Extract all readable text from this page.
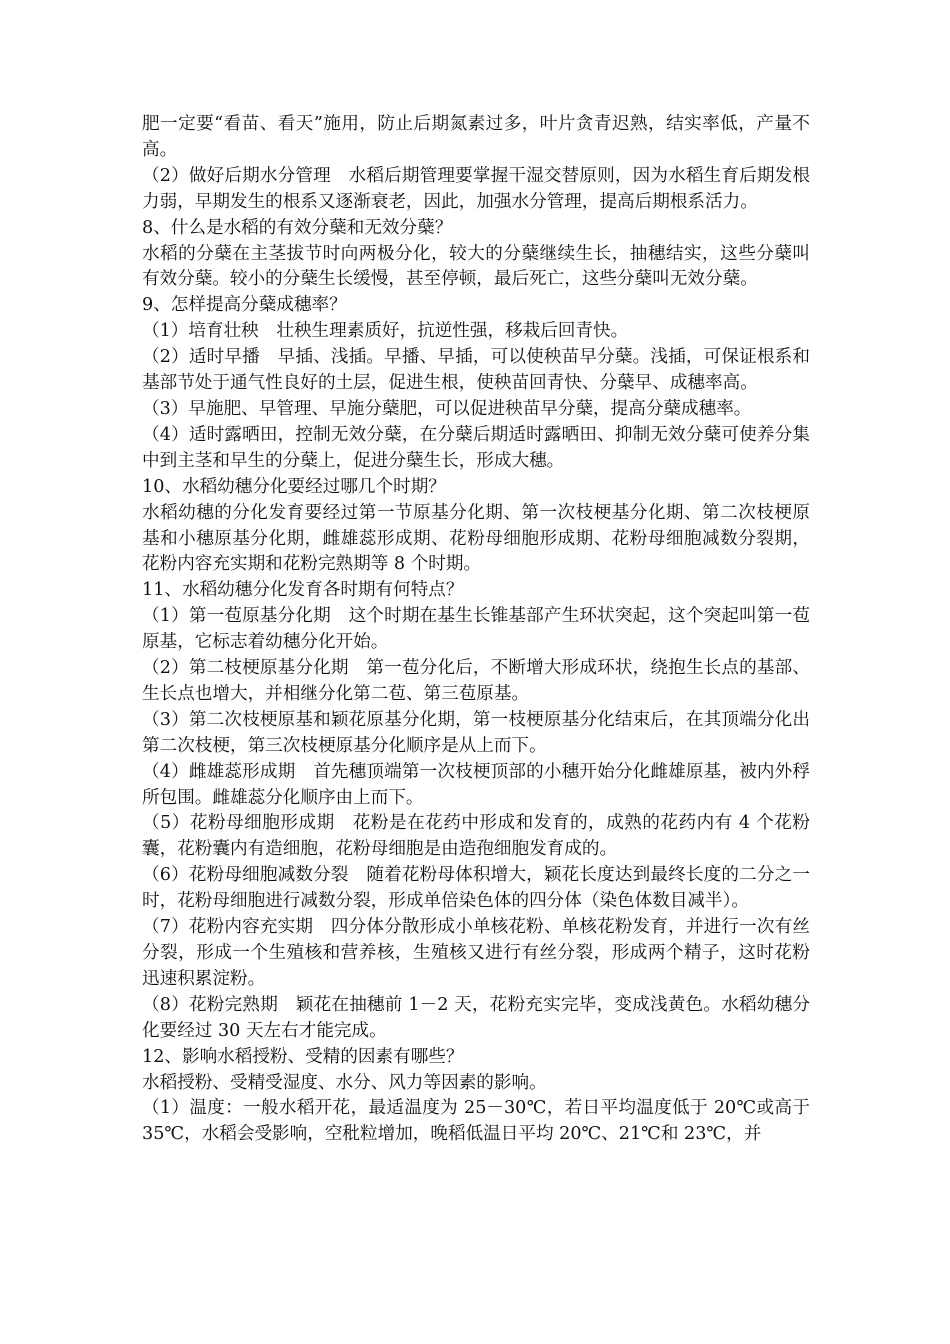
肥一定要“看苗、看天”施用，防止后期氮素过多，叶片贪青迟熟，结实率低，产量不高。

（2）做好后期水分管理　水稻后期管理要掌握干湿交替原则，因为水稻生育后期发根力弱，早期发生的根系又逐渐衰老，因此，加强水分管理，提高后期根系活力。

8、什么是水稻的有效分蘖和无效分蘖？

水稻的分蘖在主茎拔节时向两极分化，较大的分蘖继续生长，抽穗结实，这些分蘖叫有效分蘖。较小的分蘖生长缓慢，甚至停顿，最后死亡，这些分蘖叫无效分蘖。

9、怎样提高分蘖成穗率？

（1）培育壮秧　壮秧生理素质好，抗逆性强，移栽后回青快。

（2）适时早播　早插、浅插。早播、早插，可以使秧苗早分蘖。浅插，可保证根系和基部节处于通气性良好的土层，促进生根，使秧苗回青快、分蘖早、成穗率高。

（3）早施肥、早管理、早施分蘖肥，可以促进秧苗早分蘖，提高分蘖成穗率。

（4）适时露晒田，控制无效分蘖，在分蘖后期适时露晒田、抑制无效分蘖可使养分集中到主茎和早生的分蘖上，促进分蘖生长，形成大穗。

10、水稻幼穗分化要经过哪几个时期？

水稻幼穗的分化发育要经过第一节原基分化期、第一次枝梗基分化期、第二次枝梗原基和小穗原基分化期，雌雄蕊形成期、花粉母细胞形成期、花粉母细胞减数分裂期，花粉内容充实期和花粉完熟期等 8 个时期。

11、水稻幼穗分化发育各时期有何特点？

（1）第一苞原基分化期　这个时期在基生长锥基部产生环状突起，这个突起叫第一苞原基，它标志着幼穗分化开始。

（2）第二枝梗原基分化期　第一苞分化后，不断增大形成环状，绕抱生长点的基部、生长点也增大，并相继分化第二苞、第三苞原基。

（3）第二次枝梗原基和颖花原基分化期，第一枝梗原基分化结束后，在其顶端分化出第二次枝梗，第三次枝梗原基分化顺序是从上而下。

（4）雌雄蕊形成期　首先穗顶端第一次枝梗顶部的小穗开始分化雌雄原基，被内外稃所包围。雌雄蕊分化顺序由上而下。

（5）花粉母细胞形成期　花粉是在花药中形成和发育的，成熟的花药内有 4 个花粉囊，花粉囊内有造细胞，花粉母细胞是由造孢细胞发育成的。

（6）花粉母细胞减数分裂　随着花粉母体积增大，颖花长度达到最终长度的二分之一时，花粉母细胞进行减数分裂，形成单倍染色体的四分体（染色体数目减半）。

（7）花粉内容充实期　四分体分散形成小单核花粉、单核花粉发育，并进行一次有丝分裂，形成一个生殖核和营养核，生殖核又进行有丝分裂，形成两个精子，这时花粉迅速积累淀粉。

（8）花粉完熟期　颖花在抽穗前 1－2 天，花粉充实完毕，变成浅黄色。水稻幼穗分化要经过 30 天左右才能完成。

12、影响水稻授粉、受精的因素有哪些？

水稻授粉、受精受湿度、水分、风力等因素的影响。

（1）温度：一般水稻开花，最适温度为 25－30℃，若日平均温度低于 20℃或高于 35℃，水稻会受影响，空秕粒增加，晚稻低温日平均 20℃、21℃和 23℃，并
